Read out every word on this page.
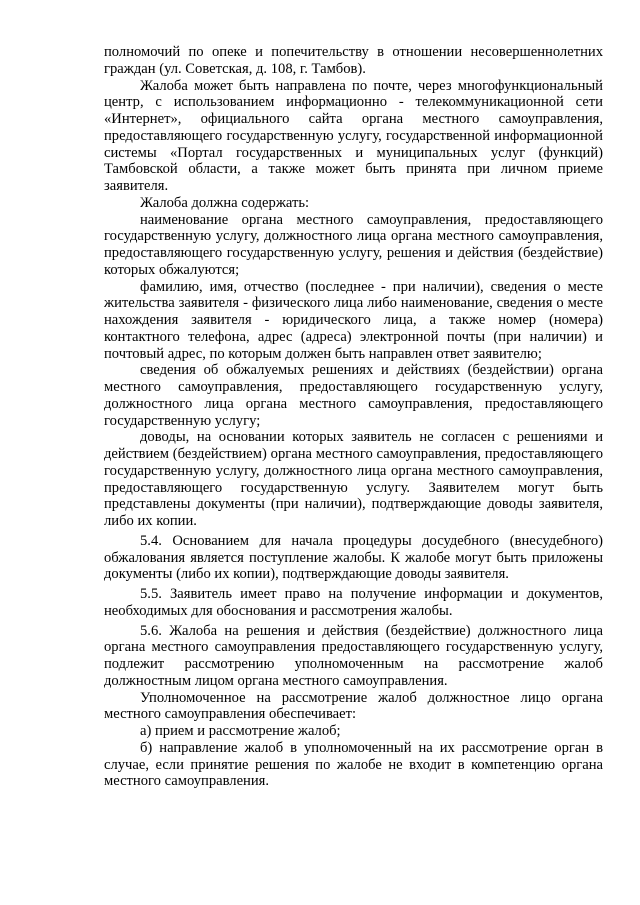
полномочий по опеке и попечительству в отношении несовершеннолетних граждан (ул. Советская, д. 108, г. Тамбов).

Жалоба может быть направлена по почте, через многофункциональный центр, с использованием информационно - телекоммуникационной сети «Интернет», официального сайта органа местного самоуправления, предоставляющего государственную услугу, государственной информационной системы «Портал государственных и муниципальных услуг (функций) Тамбовской области, а также может быть принята при личном приеме заявителя.

Жалоба должна содержать:

наименование органа местного самоуправления, предоставляющего государственную услугу, должностного лица органа местного самоуправления, предоставляющего государственную услугу, решения и действия (бездействие) которых обжалуются;

фамилию, имя, отчество (последнее - при наличии), сведения о месте жительства заявителя - физического лица либо наименование, сведения о месте нахождения заявителя - юридического лица, а также номер (номера) контактного телефона, адрес (адреса) электронной почты (при наличии) и почтовый адрес, по которым должен быть направлен ответ заявителю;

сведения об обжалуемых решениях и действиях (бездействии) органа местного самоуправления, предоставляющего государственную услугу, должностного лица органа местного самоуправления, предоставляющего государственную услугу;

доводы, на основании которых заявитель не согласен с решениями и действием (бездействием) органа местного самоуправления, предоставляющего государственную услугу, должностного лица органа местного самоуправления, предоставляющего государственную услугу. Заявителем могут быть представлены документы (при наличии), подтверждающие доводы заявителя, либо их копии.

5.4. Основанием для начала процедуры досудебного (внесудебного) обжалования является поступление жалобы. К жалобе могут быть приложены документы (либо их копии), подтверждающие доводы заявителя.

5.5. Заявитель имеет право на получение информации и документов, необходимых для обоснования и рассмотрения жалобы.

5.6. Жалоба на решения и действия (бездействие) должностного лица органа местного самоуправления предоставляющего государственную услугу, подлежит рассмотрению уполномоченным на рассмотрение жалоб должностным лицом органа местного самоуправления.

Уполномоченное на рассмотрение жалоб должностное лицо органа местного самоуправления обеспечивает:

а) прием и рассмотрение жалоб;

б) направление жалоб в уполномоченный на их рассмотрение орган в случае, если принятие решения по жалобе не входит в компетенцию органа местного самоуправления.
